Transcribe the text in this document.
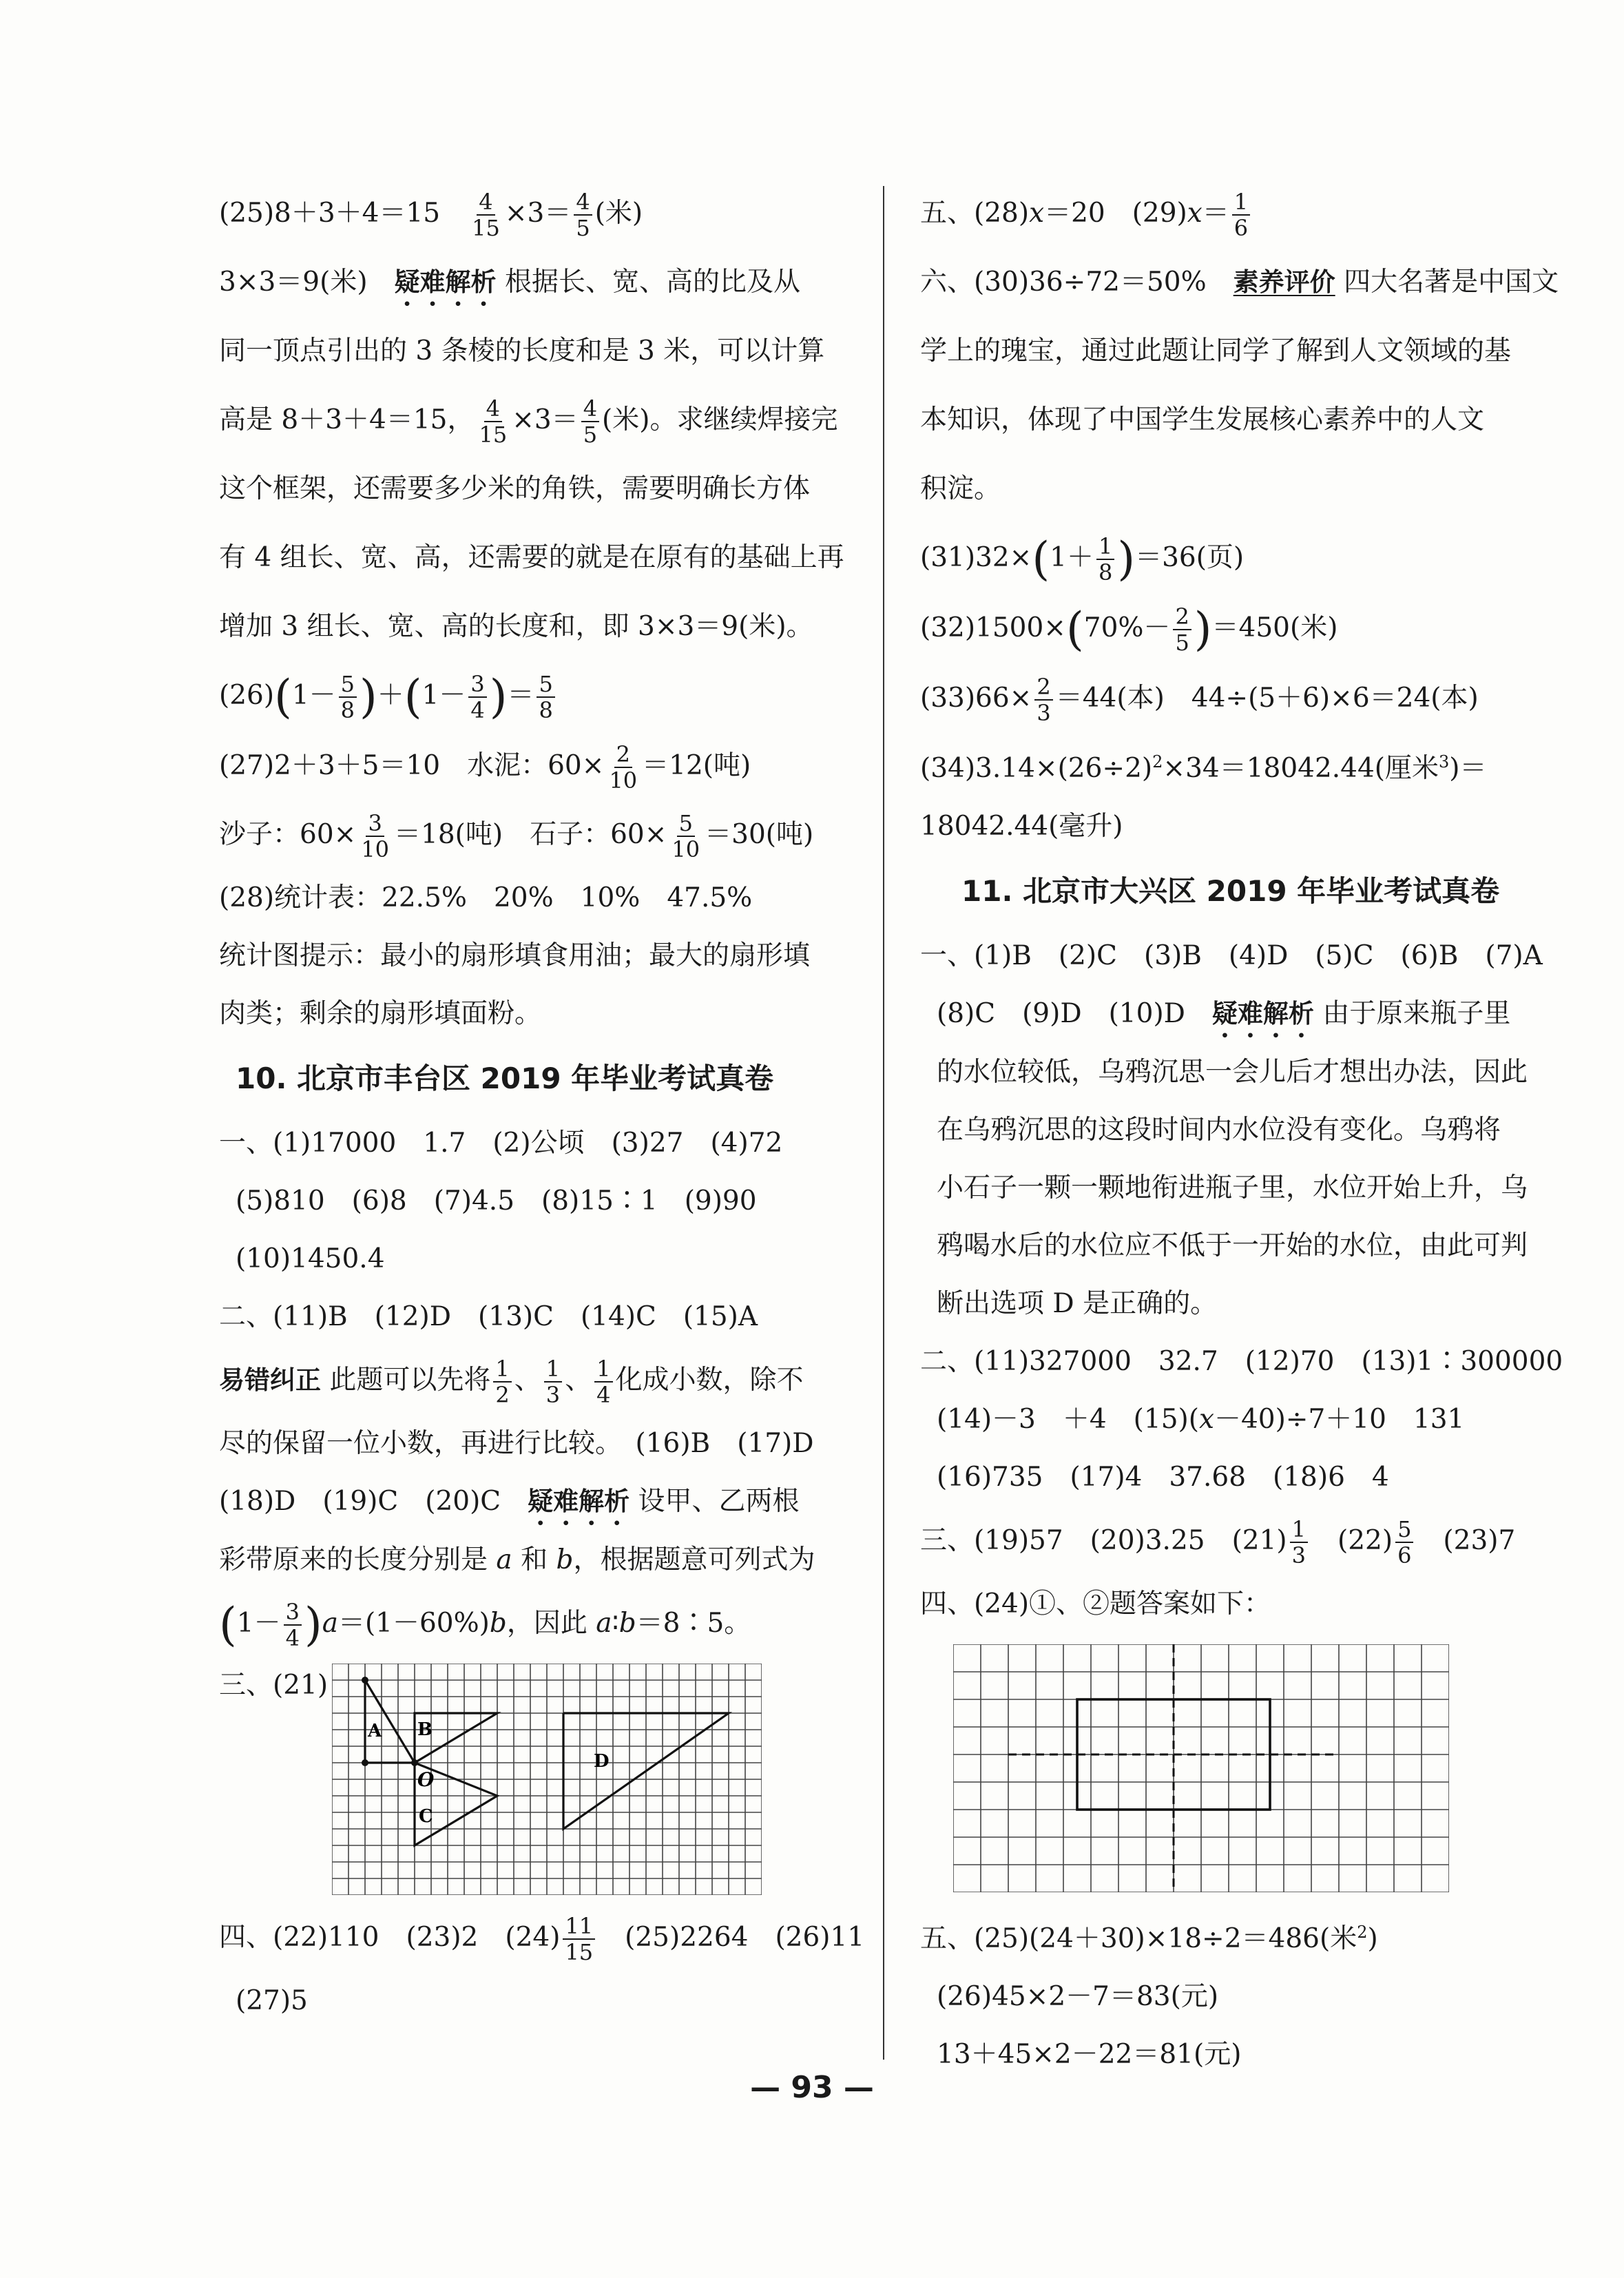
(25)8＋3＋4＝15　 $\frac{4}{15} \times 3= \frac{4}{5}$ (米)
3×3＝9(米)　疑难解析 根据长、宽、高的比及从
同一顶点引出的 3 条棱的长度和是 3 米，可以计算
高是 8＋3＋4＝15， $\frac{4}{15} \times 3= \frac{4}{5}$ (米)。求继续焊接完
这个框架，还需要多少米的角铁，需要明确长方体
有 4 组长、宽、高，还需要的就是在原有的基础上再
增加 3 组长、宽、高的长度和，即 3×3＝9(米)。
$(26)(1- \frac{5}{8} )+(1- \frac{3}{4}$ )＝ $\frac{5}{8}$
(27)2＋3＋5＝10　水泥：$60\times \frac{2}{10} =12$(吨)
沙子：$60\times \frac{3}{10} =18$(吨)　石子：$60\times \frac{5}{10} =30$(吨)
(28)统计表：22.5%　20%　10%　47.5%
统计图提示：最小的扇形填食用油；最大的扇形填
肉类；剩余的扇形填面粉。
10. 北京市丰台区 2019 年毕业考试真卷
一、(1)17000　1.7　(2)公顷　(3)27　(4)72
(5)810　(6)8　(7)4.5　(8)15∶1　(9)90
(10)1450.4
二、(11)B　(12)D　(13)C　(14)C　(15)A
易错纠正 此题可以先将 $\frac{1}{2}$ 、 $\frac{1}{3}$ 、 $\frac{1}{4}$ 化成小数，除不
尽的保留一位小数，再进行比较。　(16)B　(17)D
(18)D　(19)C　(20)C　疑难解析 设甲、乙两根
彩带原来的长度分别是 a 和 b，根据题意可列式为
$(1- \frac{3}{4} )a=(1-60\%)b$，因此 a∶b＝8∶5。
三、(21)
A B
O
C
D
四、(22)110　(23)2　$(24) \frac{11}{15}$ 　(25)2264　(26)11
(27)5
五、(28)x＝20　$(29)x= \frac{1}{6}$
六、(30)36÷72＝50%　素养评价 四大名著是中国文
学上的瑰宝，通过此题让同学了解到人文领域的基
本知识，体现了中国学生发展核心素养中的人文
积淀。
$(31)32\times(1+ \frac{1}{8} )=36$(页)
$(32)1500\times(70\%- \frac{2}{5} )=450$(米)
$(33)66\times \frac{2}{3} =44$(本)　44÷(5＋6)×6＝24(本)
$(34)3.14\times(26\div 2)^2\times 34=18042.44$(厘米$^3$)＝
18042.44(毫升)
11. 北京市大兴区 2019 年毕业考试真卷
一、(1)B　(2)C　(3)B　(4)D　(5)C　(6)B　(7)A
(8)C　(9)D　(10)D　疑难解析 由于原来瓶子里
的水位较低，乌鸦沉思一会儿后才想出办法，因此
在乌鸦沉思的这段时间内水位没有变化。乌鸦将
小石子一颗一颗地衔进瓶子里，水位开始上升，乌
鸦喝水后的水位应不低于一开始的水位，由此可判
断出选项 D 是正确的。
二、(11)327000　32.7　(12)70　(13)1∶300000
(14)－3　＋4　(15)(x－40)÷7＋10　131
(16)735　(17)4　37.68　(18)6　4
三、(19)57　(20)3.25　$(21) \frac{1}{3}$ 　$(22) \frac{5}{6}$ 　(23)7
四、(24)①、②题答案如下：
五、(25)(24＋30)×18÷2＝486(米$^2$)
(26)45×2－7＝83(元)
13＋45×2－22＝81(元)
— 93 —
